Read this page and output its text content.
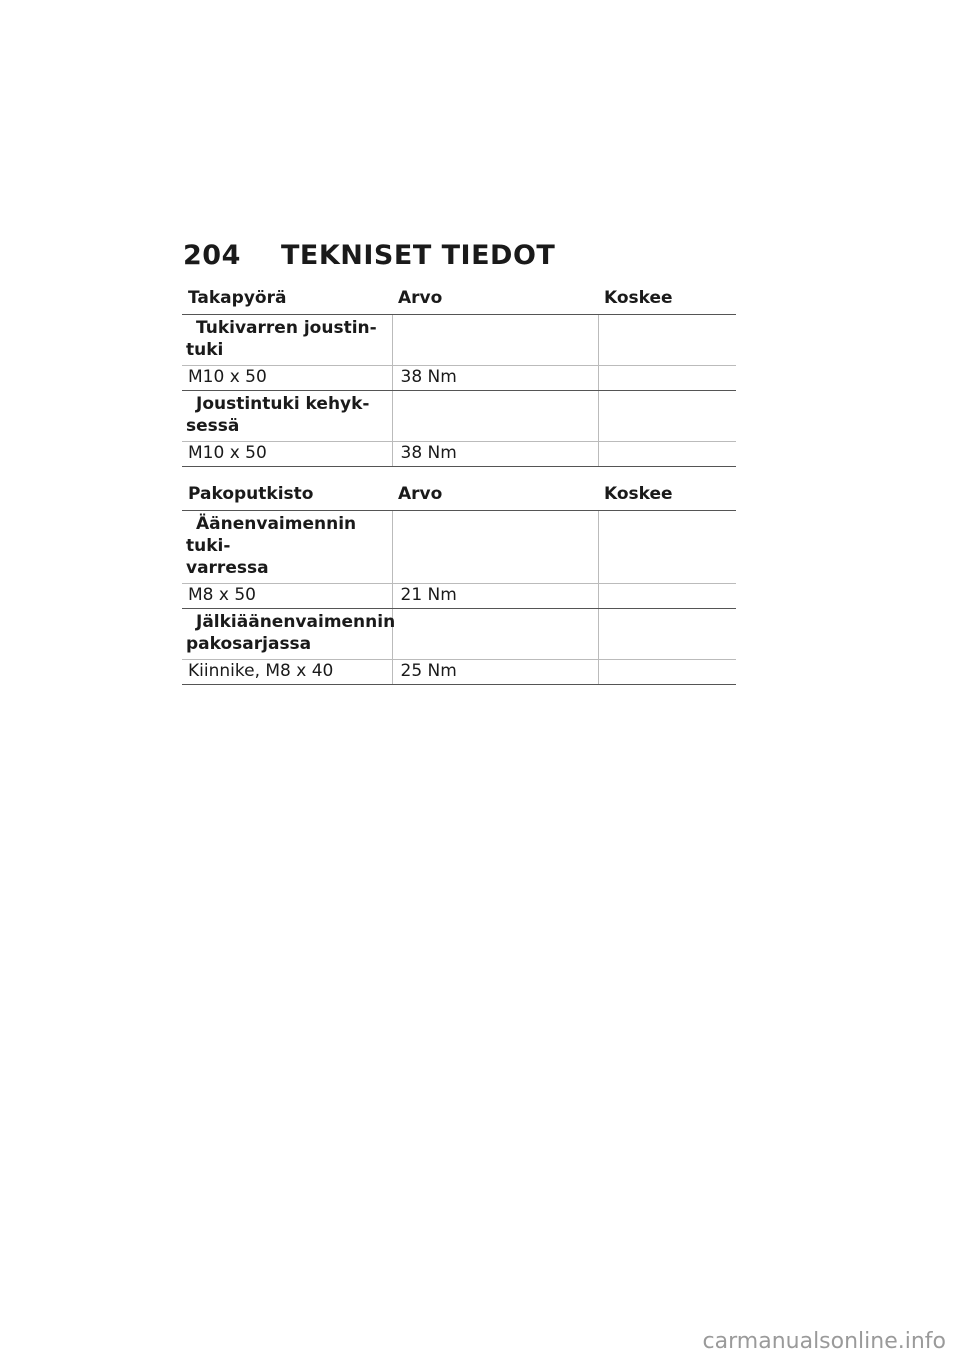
204	TEKNISET TIEDOT
Takapyörä	Arvo	Koskee

Tukivarren joustin-
tuki		

M10 x 50	38 Nm	

Joustintuki kehyk-
sessä		

M10 x 50	38 Nm	
Pakoputkisto	Arvo	Koskee

Äänenvaimennin tuki-
varressa		

M8 x 50	21 Nm	

Jälkiäänenvaimennin
pakosarjassa		

Kiinnike, M8 x 40	25 Nm	
carmanualsonline.info
